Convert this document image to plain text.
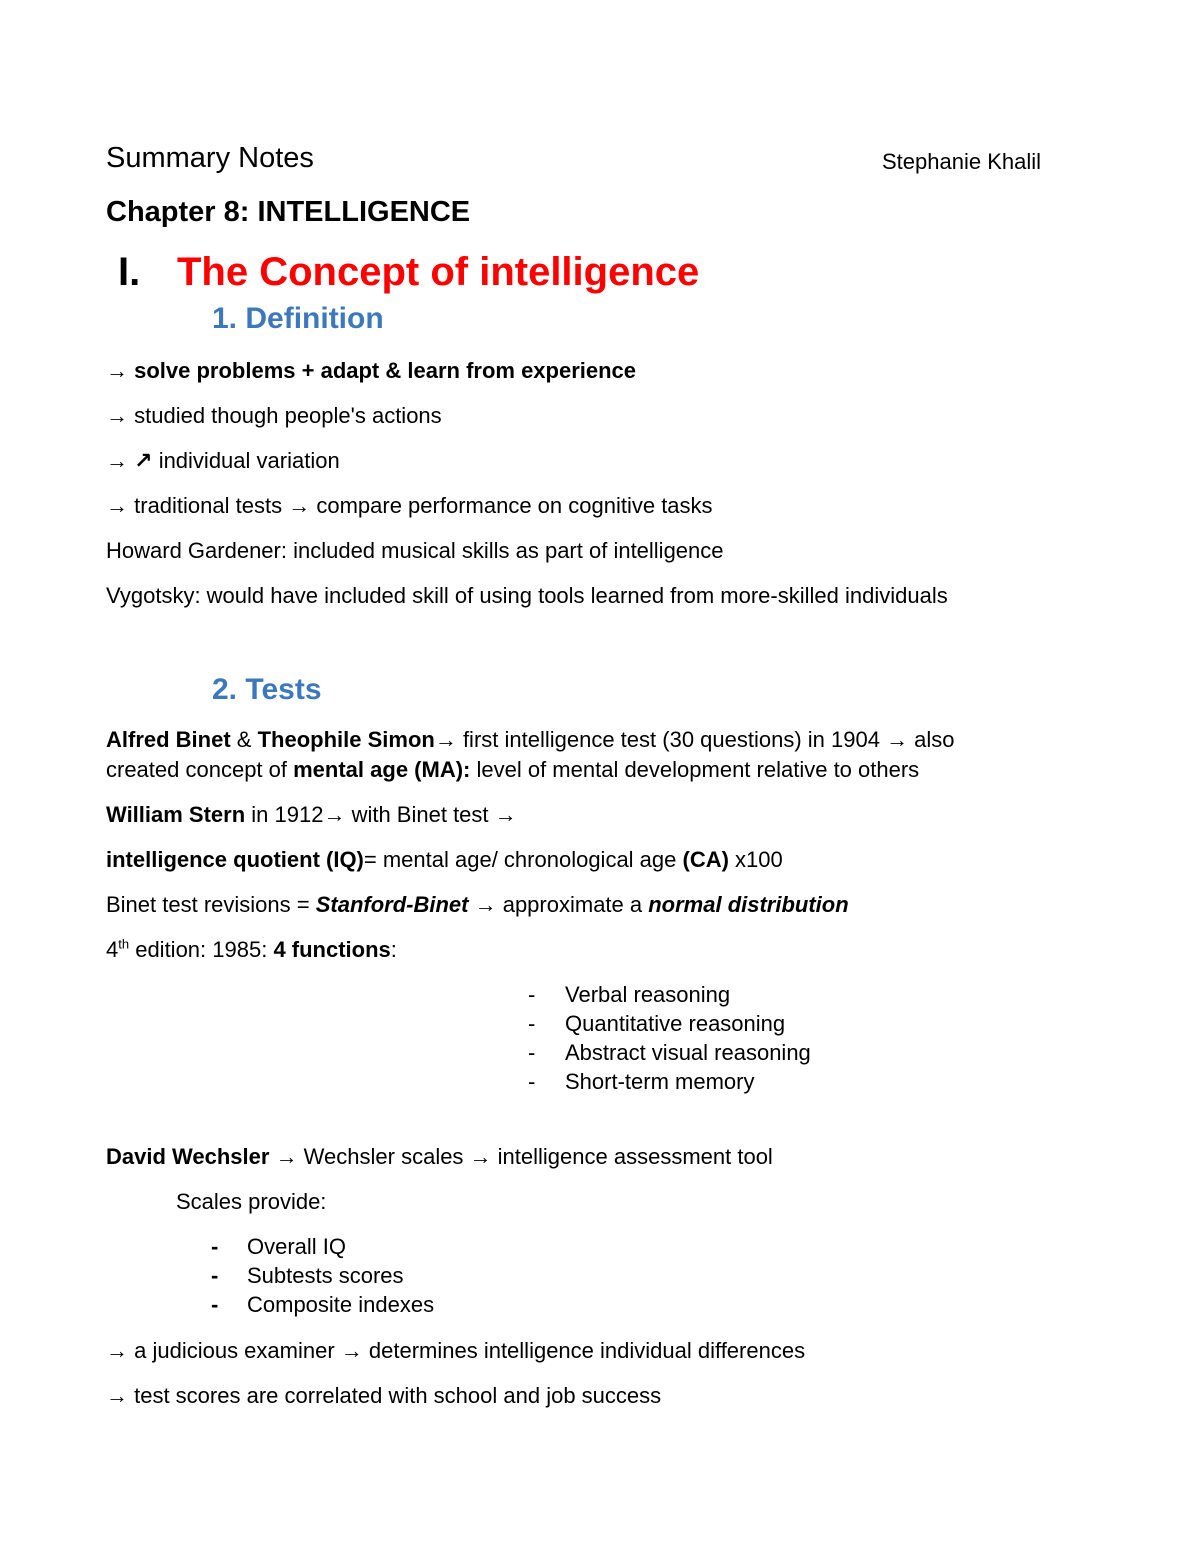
Summary Notes	Stephanie Khalil
Chapter 8: INTELLIGENCE
I. The Concept of intelligence
1. Definition
→ solve problems + adapt & learn from experience
→ studied though people's actions
→ ↗ individual variation
→ traditional tests → compare performance on cognitive tasks
Howard Gardener: included musical skills as part of intelligence
Vygotsky: would have included skill of using tools learned from more-skilled individuals
2. Tests
Alfred Binet & Theophile Simon→ first intelligence test (30 questions) in 1904 → also
created concept of mental age (MA): level of mental development relative to others
William Stern in 1912→ with Binet test →
intelligence quotient (IQ)= mental age/ chronological age (CA) x100
Binet test revisions = Stanford-Binet → approximate a normal distribution
4th edition: 1985: 4 functions:
-	Verbal reasoning
-	Quantitative reasoning
-	Abstract visual reasoning
-	Short-term memory
David Wechsler → Wechsler scales → intelligence assessment tool
Scales provide:
-	Overall IQ
-	Subtests scores
-	Composite indexes
→ a judicious examiner → determines intelligence individual differences
→ test scores are correlated with school and job success
